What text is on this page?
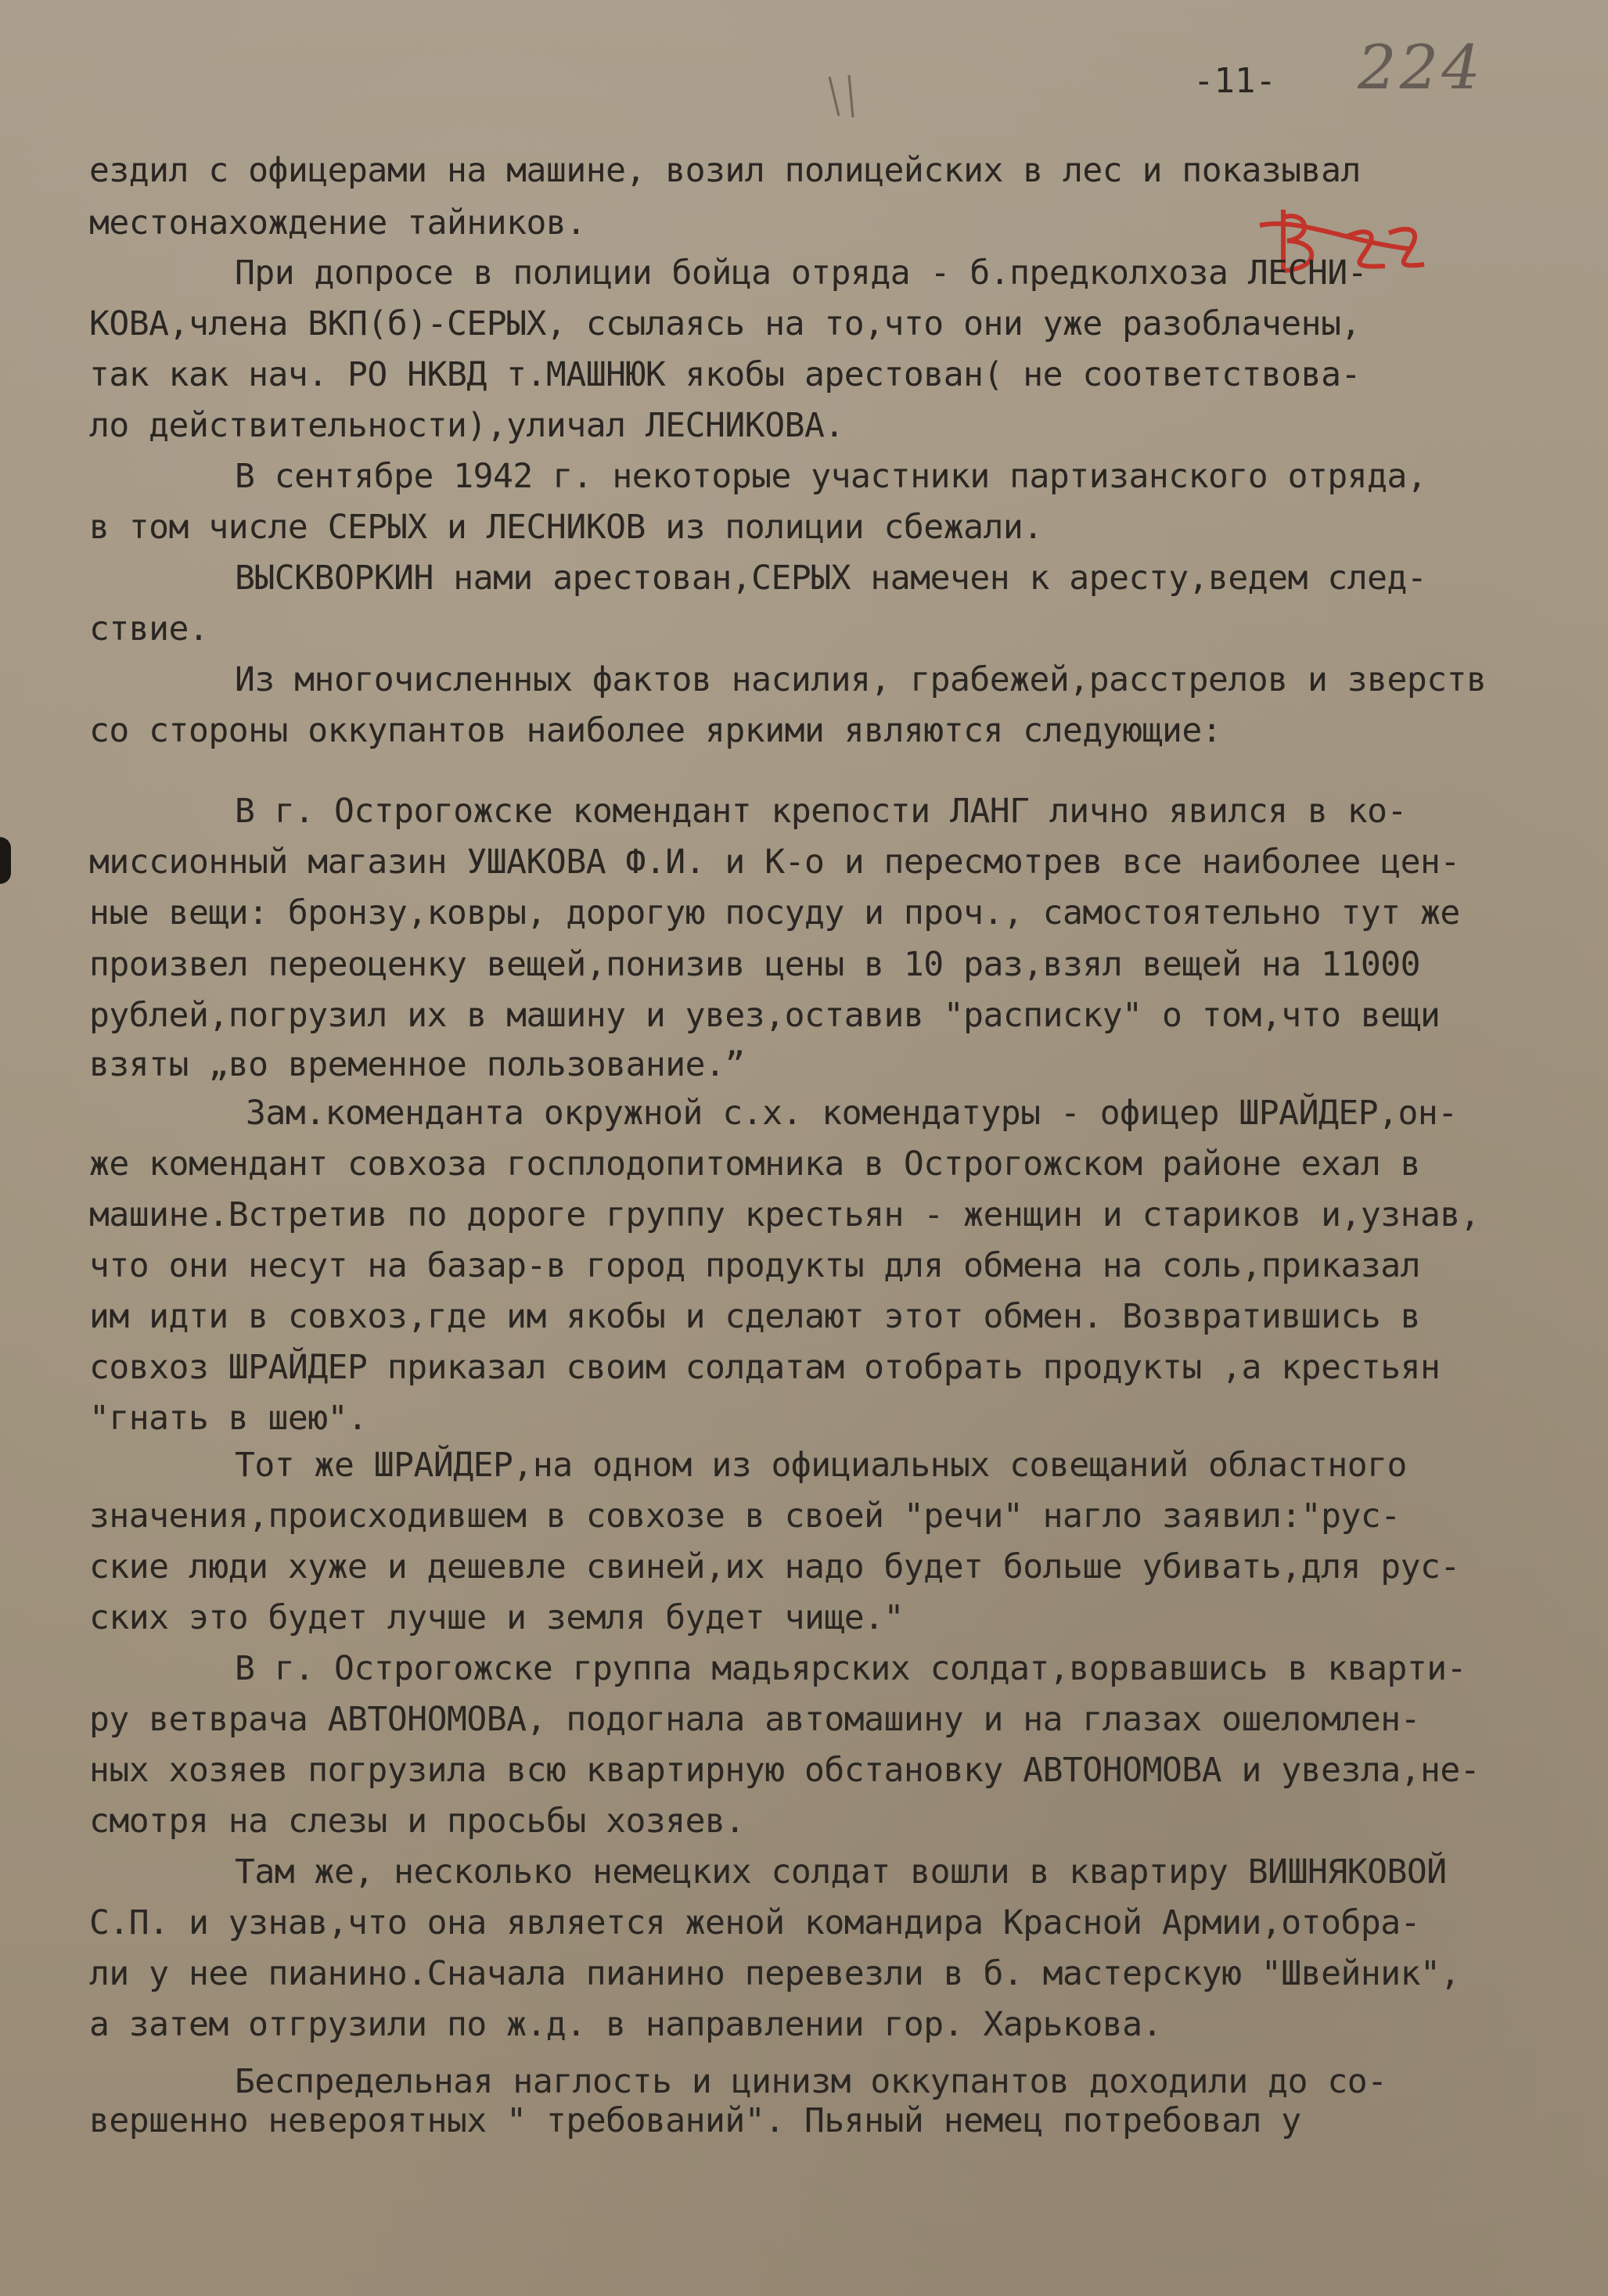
-11- 224
ездил с офицерами на машине, возил полицейских в лес и показывал
местонахождение тайников.
При допросе в полиции бойца отряда - б.предколхоза ЛЕСНИ-
КОВА,члена ВКП(б)-СЕРЫХ, ссылаясь на то,что они уже разоблачены,
так как нач. РО НКВД т.МАШНЮК якобы арестован( не соответствова-
ло действительности),уличал ЛЕСНИКОВА.
В сентябре 1942 г. некоторые участники партизанского отряда,
в том числе СЕРЫХ и ЛЕСНИКОВ из полиции сбежали.
ВЫСКВОРКИН нами арестован,СЕРЫХ намечен к аресту,ведем след-
ствие.
Из многочисленных фактов насилия, грабежей,расстрелов и зверств
со стороны оккупантов наиболее яркими являются следующие:
В г. Острогожске комендант крепости ЛАНГ лично явился в ко-
миссионный магазин УШАКОВА Ф.И. и К-о и пересмотрев все наиболее цен-
ные вещи: бронзу,ковры, дорогую посуду и проч., самостоятельно тут же
произвел переоценку вещей,понизив цены в 10 раз,взял вещей на 11000
рублей,погрузил их в машину и увез,оставив "расписку" о том,что вещи
взяты „во временное пользование.”
Зам.коменданта окружной с.х. комендатуры - офицер ШРАЙДЕР,он-
же комендант совхоза госплодопитомника в Острогожском районе ехал в
машине.Встретив по дороге группу крестьян - женщин и стариков и,узнав,
что они несут на базар-в город продукты для обмена на соль,приказал
им идти в совхоз,где им якобы и сделают этот обмен. Возвратившись в
совхоз ШРАЙДЕР приказал своим солдатам отобрать продукты ,а крестьян
"гнать в шею".
Тот же ШРАЙДЕР,на одном из официальных совещаний областного
значения,происходившем в совхозе в своей "речи" нагло заявил:"рус-
ские люди хуже и дешевле свиней,их надо будет больше убивать,для рус-
ских это будет лучше и земля будет чище."
В г. Острогожске группа мадьярских солдат,ворвавшись в кварти-
ру ветврача АВТОНОМОВА, подогнала автомашину и на глазах ошеломлен-
ных хозяев погрузила всю квартирную обстановку АВТОНОМОВА и увезла,не-
смотря на слезы и просьбы хозяев.
Там же, несколько немецких солдат вошли в квартиру ВИШНЯКОВОЙ
С.П. и узнав,что она является женой командира Красной Армии,отобра-
ли у нее пианино.Сначала пианино перевезли в б. мастерскую "Швейник",
а затем отгрузили по ж.д. в направлении гор. Харькова.
Беспредельная наглость и цинизм оккупантов доходили до со-
вершенно невероятных " требований". Пьяный немец потребовал у
